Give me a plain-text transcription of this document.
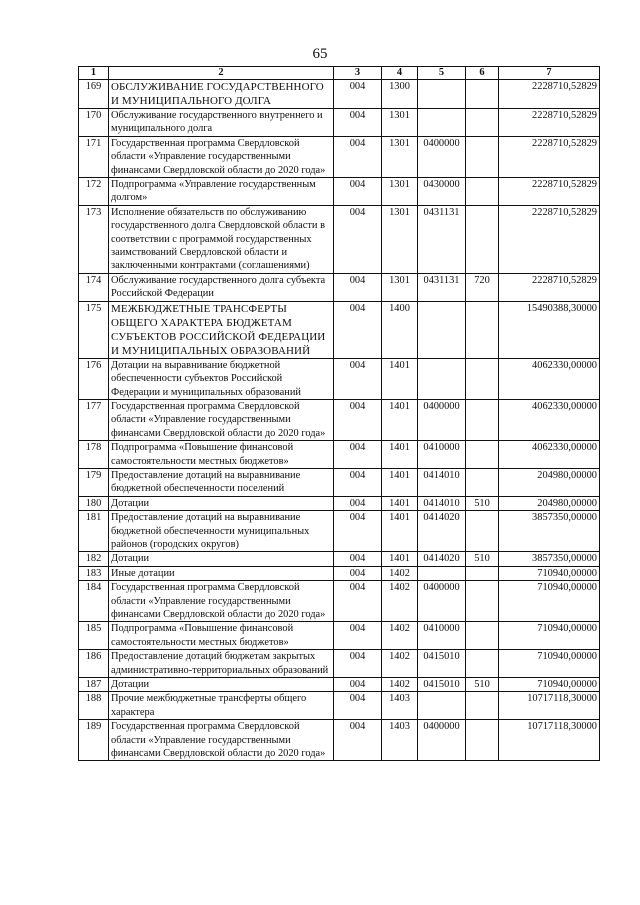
65
1	2	3	4	5	6	7
169	ОБСЛУЖИВАНИЕ ГОСУДАРСТВЕННОГО И МУНИЦИПАЛЬНОГО ДОЛГА	004	1300			2228710,52829
170	Обслуживание государственного внутреннего и муниципального долга	004	1301			2228710,52829
171	Государственная программа Свердловской области «Управление государственными финансами Свердловской области до 2020 года»	004	1301	0400000		2228710,52829
172	Подпрограмма «Управление государственным долгом»	004	1301	0430000		2228710,52829
173	Исполнение обязательств по обслуживанию государственного долга Свердловской области в соответствии с программой государственных заимствований Свердловской области и заключенными контрактами (соглашениями)	004	1301	0431131		2228710,52829
174	Обслуживание государственного долга субъекта Российской Федерации	004	1301	0431131	720	2228710,52829
175	МЕЖБЮДЖЕТНЫЕ ТРАНСФЕРТЫ ОБЩЕГО ХАРАКТЕРА БЮДЖЕТАМ СУБЪЕКТОВ РОССИЙСКОЙ ФЕДЕРАЦИИ И МУНИЦИПАЛЬНЫХ ОБРАЗОВАНИЙ	004	1400			15490388,30000
176	Дотации на выравнивание бюджетной обеспеченности субъектов Российской Федерации и муниципальных образований	004	1401			4062330,00000
177	Государственная программа Свердловской области «Управление государственными финансами Свердловской области до 2020 года»	004	1401	0400000		4062330,00000
178	Подпрограмма «Повышение финансовой самостоятельности местных бюджетов»	004	1401	0410000		4062330,00000
179	Предоставление дотаций на выравнивание бюджетной обеспеченности поселений	004	1401	0414010		204980,00000
180	Дотации	004	1401	0414010	510	204980,00000
181	Предоставление дотаций на выравнивание бюджетной обеспеченности муниципальных районов (городских округов)	004	1401	0414020		3857350,00000
182	Дотации	004	1401	0414020	510	3857350,00000
183	Иные дотации	004	1402			710940,00000
184	Государственная программа Свердловской области «Управление государственными финансами Свердловской области до 2020 года»	004	1402	0400000		710940,00000
185	Подпрограмма «Повышение финансовой самостоятельности местных бюджетов»	004	1402	0410000		710940,00000
186	Предоставление дотаций бюджетам закрытых административно-территориальных образований	004	1402	0415010		710940,00000
187	Дотации	004	1402	0415010	510	710940,00000
188	Прочие межбюджетные трансферты общего характера	004	1403			10717118,30000
189	Государственная программа Свердловской области «Управление государственными финансами Свердловской области до 2020 года»	004	1403	0400000		10717118,30000
